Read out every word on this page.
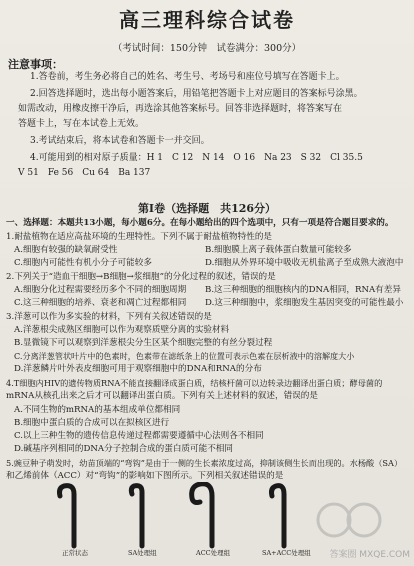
高三理科综合试卷
（考试时间：150分钟　试卷满分：300分）
注意事项：
1.答卷前，考生务必将自己的姓名、考生号、考场号和座位号填写在答题卡上。
2.回答选择题时，选出每小题答案后，用铅笔把答题卡上对应题目的答案标号涂黑。
如需改动，用橡皮擦干净后，再选涂其他答案标号。回答非选择题时，将答案写在
答题卡上，写在本试卷上无效。
3.考试结束后，将本试卷和答题卡一并交回。
4.可能用到的相对原子质量：H 1　C 12　N 14　O 16　Na 23　S 32　Cl 35.5
V 51　Fe 56　Cu 64　Ba 137
第Ⅰ卷（选择题　共126分）
一、选择题：本题共13小题，每小题6分。在每小题给出的四个选项中，只有一项是符合题目要求的。
1.耐盐植物在适应高盐环境的生理特性。下列不属于耐盐植物特性的是
A.细胞有较强的缺氧耐受性	B.细胞膜上离子载体蛋白数量可能较多
C.细胞内可能性有机小分子可能较多	D.细胞从外界环境中吸收无机盐离子至成熟大液泡中
2.下列关于“造血干细胞→B细胞→浆细胞”的分化过程的叙述，错误的是
A.细胞分化过程需要经历多个不同的细胞周期 B.这三种细胞的细胞核内的DNA相同，RNA有差异
C.这三种细胞的培养、衰老和凋亡过程都相同 D.这三种细胞中，浆细胞发生基因突变的可能性最小
3.洋葱可以作为多实验的材料，下列有关叙述错误的是
A.洋葱根尖成熟区细胞可以作为观察质壁分离的实验材料
B.显微镜下可以观察到洋葱根尖分生区某个细胞完整的有丝分裂过程
C.分离洋葱管状叶片中的色素时，色素带在滤纸条上的位置可表示色素在层析液中的溶解度大小
D.洋葱鳞片叶外表皮细胞可用于观察细胞中的DNA和RNA的分布
4.T细胞内HIV的遗传物质RNA不能直接翻译成蛋白质，结核杆菌可以边转录边翻译出蛋白质；酵母菌的
mRNA从核孔出来之后才可以翻译出蛋白质。下列有关上述材料的叙述，错误的是
A.不同生物的mRNA的基本组成单位都相同
B.细胞中蛋白质的合成可以在拟核区进行
C.以上三种生物的遗传信息传递过程都需要遵循中心法则各不相同
D.碱基序列相同的DNA分子控制合成的蛋白质可能不相同
5.豌豆种子萌发时，幼苗顶端的“弯钩”是由于一侧的生长素浓度过高，抑制该侧生长而出现的。水杨酸（SA）
和乙烯前体（ACC）对“弯钩”的影响如下图所示。下列相关叙述错误的是
正常状态	SA处理组	ACC处理组	SA+ACC处理组 答案圈 MXQE.COM
